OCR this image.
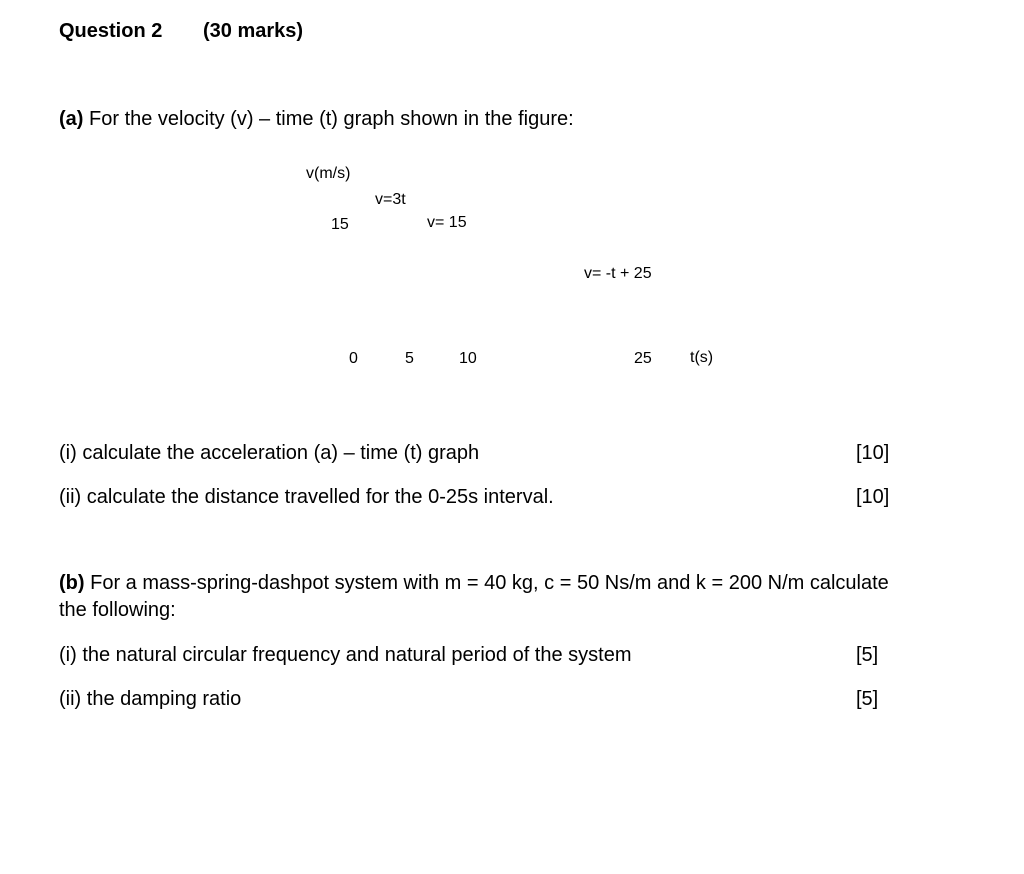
Question 2 (30 marks)
(a) For the velocity (v) – time (t) graph shown in the figure:
v(m/s)
v=3t
15	v= 15
v= -t + 25
0	5	10	25 t(s)
(i) calculate the acceleration (a) – time (t) graph	[10]
(ii) calculate the distance travelled for the 0-25s interval.	[10]
(b) For a mass-spring-dashpot system with m = 40 kg, c = 50 Ns/m and k = 200 N/m calculate
the following:
(i) the natural circular frequency and natural period of the system	[5]
(ii) the damping ratio	[5]
